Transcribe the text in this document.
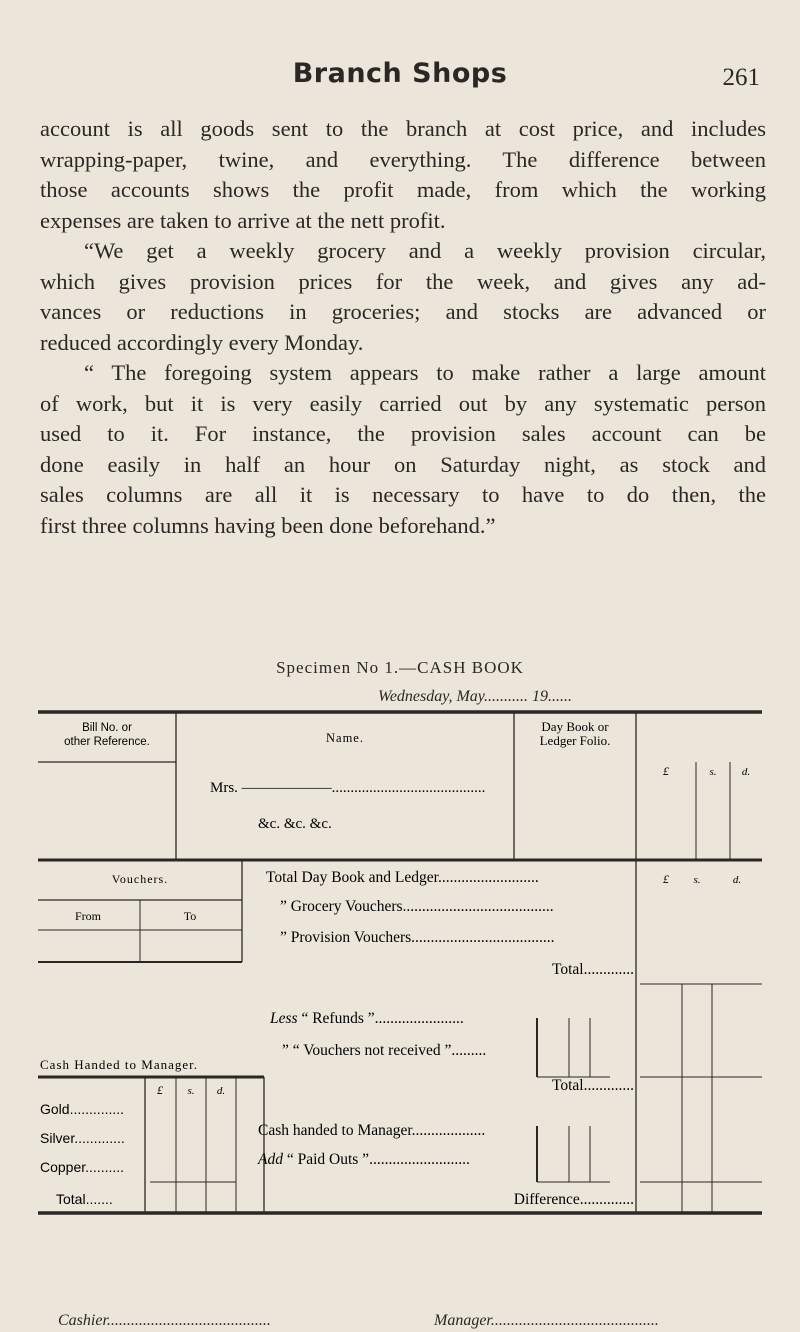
Branch Shops	261
account is all goods sent to the branch at cost price, and includes
wrapping-paper, twine, and everything. The difference between
those accounts shows the profit made, from which the working
expenses are taken to arrive at the nett profit.
“We get a weekly grocery and a weekly provision circular,
which gives provision prices for the week, and gives any ad-
vances or reductions in groceries; and stocks are advanced or
reduced accordingly every Monday.
“ The foregoing system appears to make rather a large amount
of work, but it is very easily carried out by any systematic person
used to it. For instance, the provision sales account can be
done easily in half an hour on Saturday night, as stock and
sales columns are all it is necessary to have to do then, the
first three columns having been done beforehand.”
Specimen No 1.—CASH BOOK
Wednesday, May........... 19......
Bill No. or
other Reference.	Name.
Day Book or
Ledger Folio.
Mrs. ——————.........................................
&c. &c. &c.
£	s. d.
Vouchers.
From	To
Total Day Book and Ledger..........................
” Grocery Vouchers.......................................
” Provision Vouchers.....................................
Total.............
Less “ Refunds ”.......................
” “ Vouchers not received ”.........
Total.............
Cash handed to Manager...................
Add “ Paid Outs ”..........................
Difference..............
£ s.	d.
Cash Handed to Manager.
£ s. d.
Gold..............
Silver.............
Copper..........
Total.......
Cashier.........................................	Manager..........................................
